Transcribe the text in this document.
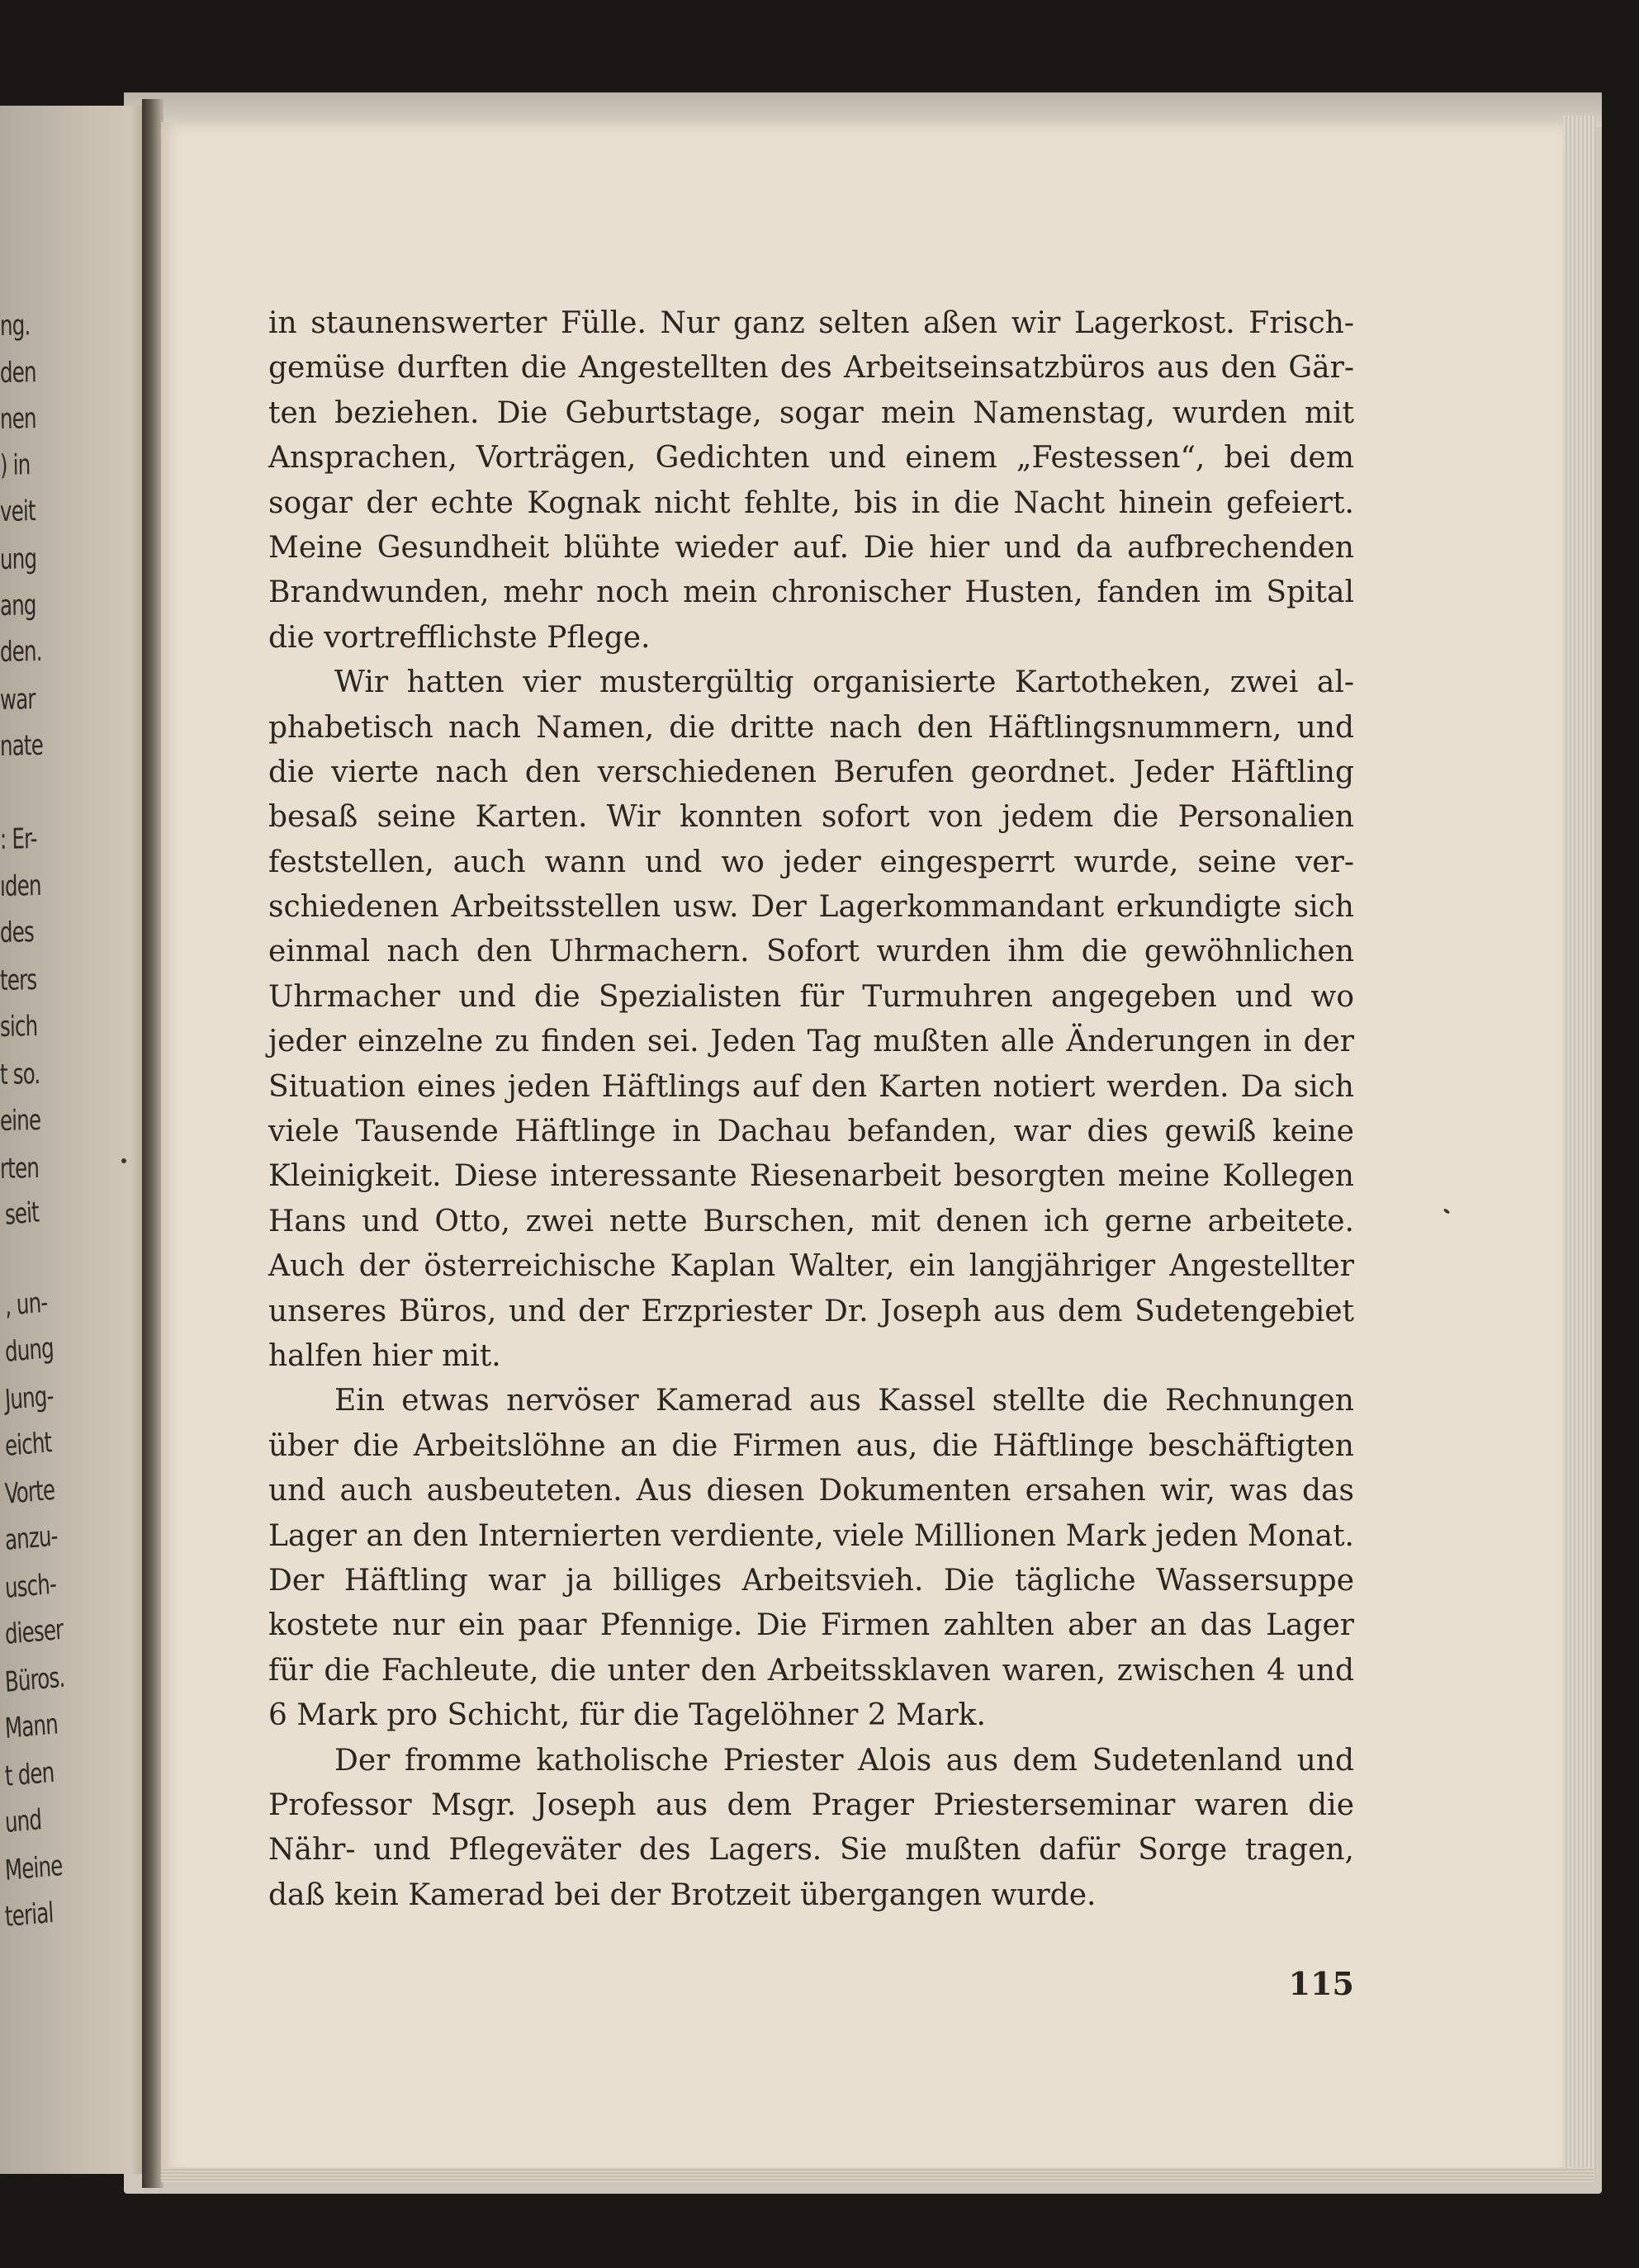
ng.
den
nen
) in
veit
ung
ang
den.
war
nate
: Er-
ıden
des
ters
sich
t so.
eine
rten
seit
, un-
dung
Jung-
eicht
Vorte
anzu-
usch-
dieser
Büros.
Mann
t den
und
Meine
terial
in staunenswerter Fülle. Nur ganz selten aßen wir Lagerkost. Frisch-
gemüse durften die Angestellten des Arbeitseinsatzbüros aus den Gär-
ten beziehen. Die Geburtstage, sogar mein Namenstag, wurden mit
Ansprachen, Vorträgen, Gedichten und einem „Festessen“, bei dem
sogar der echte Kognak nicht fehlte, bis in die Nacht hinein gefeiert.
Meine Gesundheit blühte wieder auf. Die hier und da aufbrechenden
Brandwunden, mehr noch mein chronischer Husten, fanden im Spital
die vortrefflichste Pflege.
Wir hatten vier mustergültig organisierte Kartotheken, zwei al-
phabetisch nach Namen, die dritte nach den Häftlingsnummern, und
die vierte nach den verschiedenen Berufen geordnet. Jeder Häftling
besaß seine Karten. Wir konnten sofort von jedem die Personalien
feststellen, auch wann und wo jeder eingesperrt wurde, seine ver-
schiedenen Arbeitsstellen usw. Der Lagerkommandant erkundigte sich
einmal nach den Uhrmachern. Sofort wurden ihm die gewöhnlichen
Uhrmacher und die Spezialisten für Turmuhren angegeben und wo
jeder einzelne zu finden sei. Jeden Tag mußten alle Änderungen in der
Situation eines jeden Häftlings auf den Karten notiert werden. Da sich
viele Tausende Häftlinge in Dachau befanden, war dies gewiß keine
Kleinigkeit. Diese interessante Riesenarbeit besorgten meine Kollegen
Hans und Otto, zwei nette Burschen, mit denen ich gerne arbeitete.
Auch der österreichische Kaplan Walter, ein langjähriger Angestellter
unseres Büros, und der Erzpriester Dr. Joseph aus dem Sudetengebiet
halfen hier mit.
Ein etwas nervöser Kamerad aus Kassel stellte die Rechnungen
über die Arbeitslöhne an die Firmen aus, die Häftlinge beschäftigten
und auch ausbeuteten. Aus diesen Dokumenten ersahen wir, was das
Lager an den Internierten verdiente, viele Millionen Mark jeden Monat.
Der Häftling war ja billiges Arbeitsvieh. Die tägliche Wassersuppe
kostete nur ein paar Pfennige. Die Firmen zahlten aber an das Lager
für die Fachleute, die unter den Arbeitssklaven waren, zwischen 4 und
6 Mark pro Schicht, für die Tagelöhner 2 Mark.
Der fromme katholische Priester Alois aus dem Sudetenland und
Professor Msgr. Joseph aus dem Prager Priesterseminar waren die
Nähr- und Pflegeväter des Lagers. Sie mußten dafür Sorge tragen,
daß kein Kamerad bei der Brotzeit übergangen wurde.
115
